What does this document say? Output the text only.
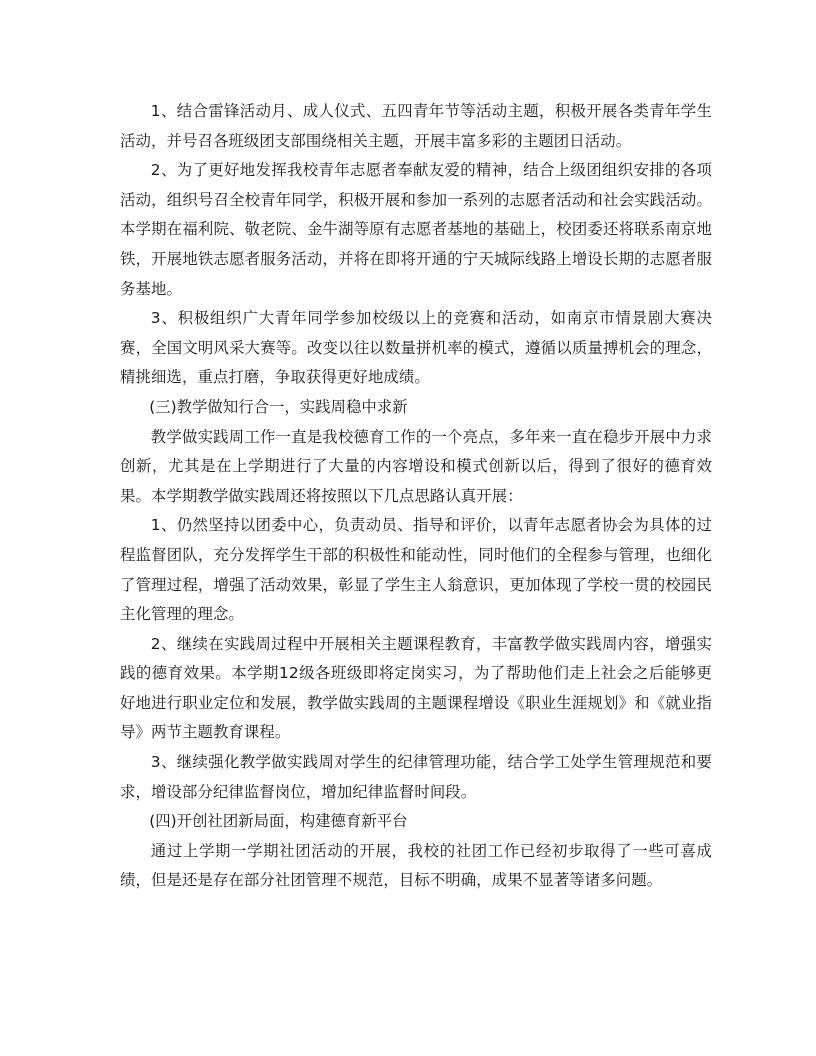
1、结合雷锋活动月、成人仪式、五四青年节等活动主题，积极开展各类青年学生活动，并号召各班级团支部围绕相关主题，开展丰富多彩的主题团日活动。

2、为了更好地发挥我校青年志愿者奉献友爱的精神，结合上级团组织安排的各项活动，组织号召全校青年同学，积极开展和参加一系列的志愿者活动和社会实践活动。本学期在福利院、敬老院、金牛湖等原有志愿者基地的基础上，校团委还将联系南京地铁，开展地铁志愿者服务活动，并将在即将开通的宁天城际线路上增设长期的志愿者服务基地。

3、积极组织广大青年同学参加校级以上的竞赛和活动，如南京市情景剧大赛决赛，全国文明风采大赛等。改变以往以数量拼机率的模式，遵循以质量搏机会的理念，精挑细选，重点打磨，争取获得更好地成绩。

(三)教学做知行合一，实践周稳中求新

教学做实践周工作一直是我校德育工作的一个亮点，多年来一直在稳步开展中力求创新，尤其是在上学期进行了大量的内容增设和模式创新以后，得到了很好的德育效果。本学期教学做实践周还将按照以下几点思路认真开展：

1、仍然坚持以团委中心，负责动员、指导和评价，以青年志愿者协会为具体的过程监督团队，充分发挥学生干部的积极性和能动性，同时他们的全程参与管理，也细化了管理过程，增强了活动效果，彰显了学生主人翁意识，更加体现了学校一贯的校园民主化管理的理念。

2、继续在实践周过程中开展相关主题课程教育，丰富教学做实践周内容，增强实践的德育效果。本学期12级各班级即将定岗实习，为了帮助他们走上社会之后能够更好地进行职业定位和发展，教学做实践周的主题课程增设《职业生涯规划》和《就业指导》两节主题教育课程。

3、继续强化教学做实践周对学生的纪律管理功能，结合学工处学生管理规范和要求，增设部分纪律监督岗位，增加纪律监督时间段。

(四)开创社团新局面，构建德育新平台

通过上学期一学期社团活动的开展，我校的社团工作已经初步取得了一些可喜成绩，但是还是存在部分社团管理不规范，目标不明确，成果不显著等诸多问题。
